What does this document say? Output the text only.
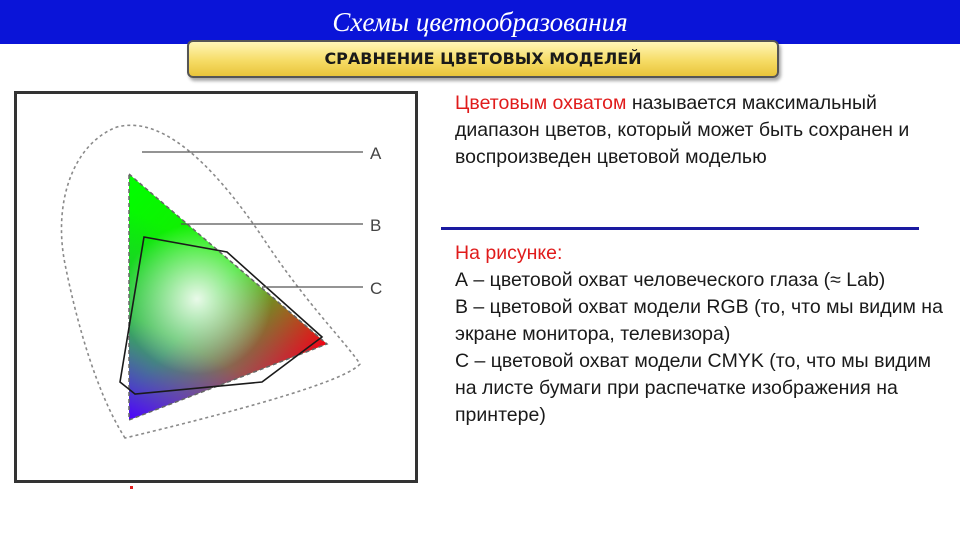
Схемы цветообразования
СРАВНЕНИЕ ЦВЕТОВЫХ МОДЕЛЕЙ
A
B
C
Цветовым охватом называется максимальный диапазон цветов, который может быть сохранен и воспроизведен цветовой моделью
На рисунке:
А – цветовой охват человеческого глаза (≈ Lab)
В – цветовой охват модели RGB (то, что мы видим на экране монитора, телевизора)
С – цветовой охват модели CMYK (то, что мы видим на листе бумаги при распечатке изображения на принтере)
